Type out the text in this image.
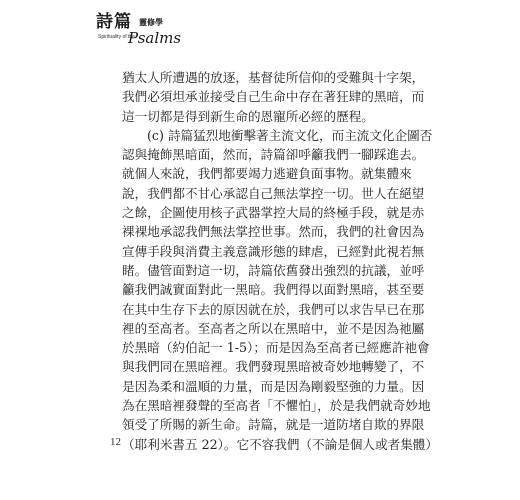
詩篇 靈修學
Spirituality of the
Psalms
猶太人所遭遇的放逐，基督徒所信仰的受難與十字架，
我們必須坦承並接受自己生命中存在著狂肆的黑暗，而
這一切都是得到新生命的恩寵所必經的歷程。
(c) 詩篇猛烈地衝擊著主流文化，而主流文化企圖否
認與掩飾黑暗面，然而，詩篇卻呼籲我們一腳踩進去。
就個人來說，我們都要竭力逃避負面事物。就集體來
說，我們都不甘心承認自己無法掌控一切。世人在絕望
之餘，企圖使用核子武器掌控大局的終極手段，就是赤
裸裸地承認我們無法掌控世事。然而，我們的社會因為
宣傳手段與消費主義意識形態的肆虐，已經對此視若無
睹。儘管面對這一切，詩篇依舊發出強烈的抗議，並呼
籲我們誠實面對此一黑暗。我們得以面對黑暗，甚至要
在其中生存下去的原因就在於，我們可以求告早已在那
裡的至高者。至高者之所以在黑暗中，並不是因為祂屬
於黑暗（約伯記一 1-5）；而是因為至高者已經應許祂會
與我們同在黑暗裡。我們發現黑暗被奇妙地轉變了，不
是因為柔和溫順的力量，而是因為剛毅堅強的力量。因
為在黑暗裡發聲的至高者「不懼怕」，於是我們就奇妙地
領受了所賜的新生命。詩篇，就是一道防堵自欺的界限
（耶利米書五 22）。它不容我們（不論是個人或者集體）
12
